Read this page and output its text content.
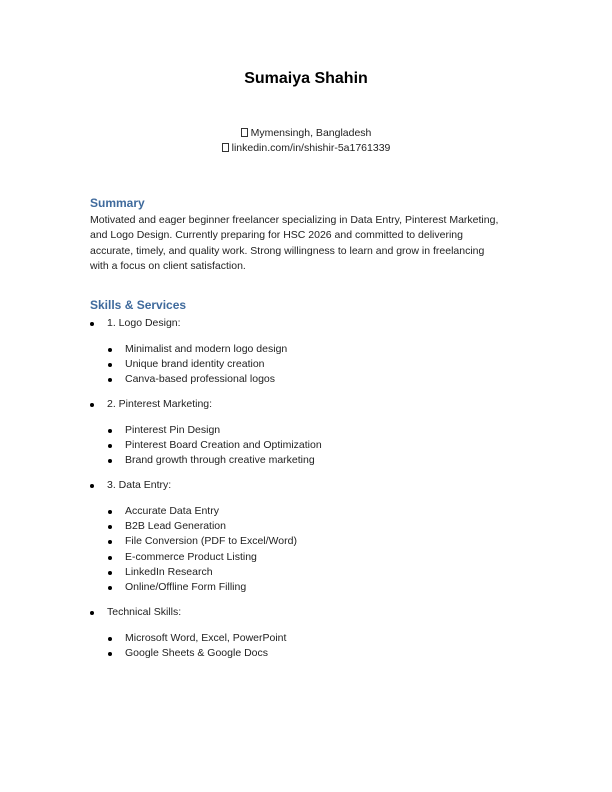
Sumaiya Shahin
Mymensingh, Bangladesh
linkedin.com/in/shishir-5a1761339
Summary
Motivated and eager beginner freelancer specializing in Data Entry, Pinterest Marketing,
and Logo Design. Currently preparing for HSC 2026 and committed to delivering
accurate, timely, and quality work. Strong willingness to learn and grow in freelancing
with a focus on client satisfaction.
Skills & Services
1. Logo Design:
Minimalist and modern logo design
Unique brand identity creation
Canva-based professional logos
2. Pinterest Marketing:
Pinterest Pin Design
Pinterest Board Creation and Optimization
Brand growth through creative marketing
3. Data Entry:
Accurate Data Entry
B2B Lead Generation
File Conversion (PDF to Excel/Word)
E-commerce Product Listing
LinkedIn Research
Online/Offline Form Filling
Technical Skills:
Microsoft Word, Excel, PowerPoint
Google Sheets & Google Docs
